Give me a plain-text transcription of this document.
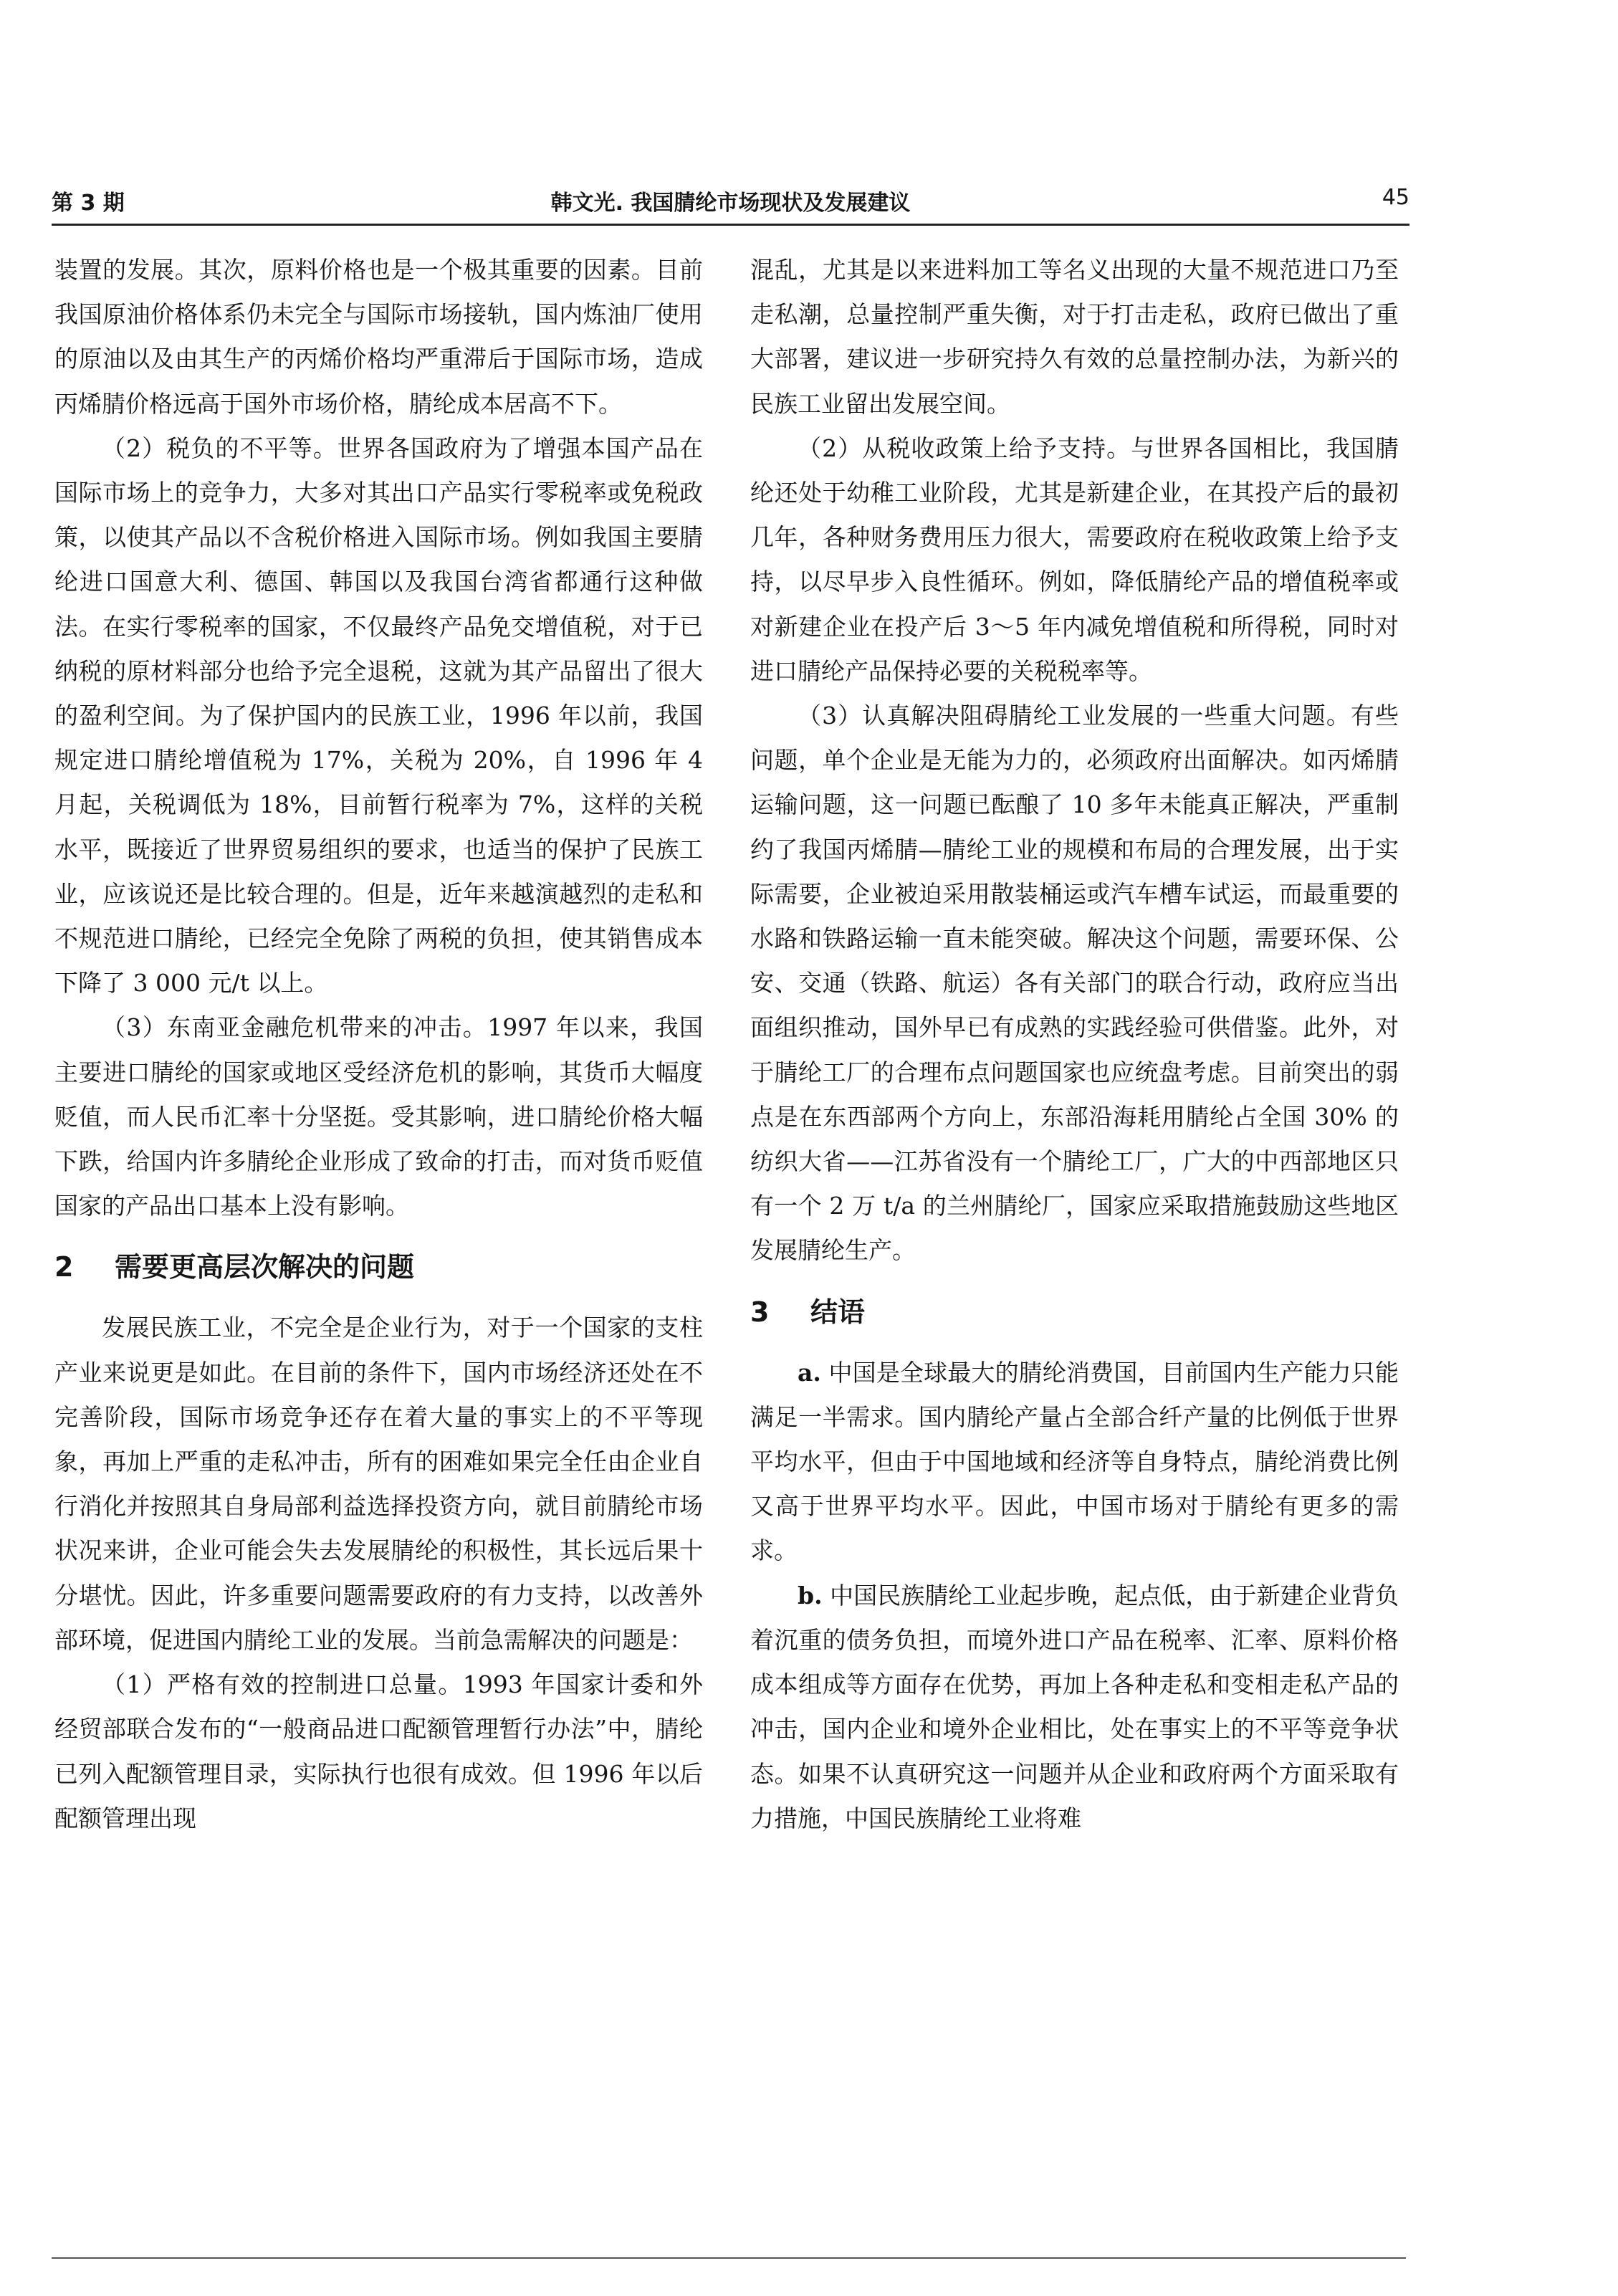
第 3 期	韩文光. 我国腈纶市场现状及发展建议	45

装置的发展。其次，原料价格也是一个极其重要的因素。目前我国原油价格体系仍未完全与国际市场接轨，国内炼油厂使用的原油以及由其生产的丙烯价格均严重滞后于国际市场，造成丙烯腈价格远高于国外市场价格，腈纶成本居高不下。

（2）税负的不平等。世界各国政府为了增强本国产品在国际市场上的竞争力，大多对其出口产品实行零税率或免税政策，以使其产品以不含税价格进入国际市场。例如我国主要腈纶进口国意大利、德国、韩国以及我国台湾省都通行这种做法。在实行零税率的国家，不仅最终产品免交增值税，对于已纳税的原材料部分也给予完全退税，这就为其产品留出了很大的盈利空间。为了保护国内的民族工业，1996 年以前，我国规定进口腈纶增值税为 17%，关税为 20%，自 1996 年 4 月起，关税调低为 18%，目前暂行税率为 7%，这样的关税水平，既接近了世界贸易组织的要求，也适当的保护了民族工业，应该说还是比较合理的。但是，近年来越演越烈的走私和不规范进口腈纶，已经完全免除了两税的负担，使其销售成本下降了 3 000 元/t 以上。

（3）东南亚金融危机带来的冲击。1997 年以来，我国主要进口腈纶的国家或地区受经济危机的影响，其货币大幅度贬值，而人民币汇率十分坚挺。受其影响，进口腈纶价格大幅下跌，给国内许多腈纶企业形成了致命的打击，而对货币贬值国家的产品出口基本上没有影响。

2 需要更高层次解决的问题

发展民族工业，不完全是企业行为，对于一个国家的支柱产业来说更是如此。在目前的条件下，国内市场经济还处在不完善阶段，国际市场竞争还存在着大量的事实上的不平等现象，再加上严重的走私冲击，所有的困难如果完全任由企业自行消化并按照其自身局部利益选择投资方向，就目前腈纶市场状况来讲，企业可能会失去发展腈纶的积极性，其长远后果十分堪忧。因此，许多重要问题需要政府的有力支持，以改善外部环境，促进国内腈纶工业的发展。当前急需解决的问题是：

（1）严格有效的控制进口总量。1993 年国家计委和外经贸部联合发布的“一般商品进口配额管理暂行办法”中，腈纶已列入配额管理目录，实际执行也很有成效。但 1996 年以后配额管理出现

混乱，尤其是以来进料加工等名义出现的大量不规范进口乃至走私潮，总量控制严重失衡，对于打击走私，政府已做出了重大部署，建议进一步研究持久有效的总量控制办法，为新兴的民族工业留出发展空间。

（2）从税收政策上给予支持。与世界各国相比，我国腈纶还处于幼稚工业阶段，尤其是新建企业，在其投产后的最初几年，各种财务费用压力很大，需要政府在税收政策上给予支持，以尽早步入良性循环。例如，降低腈纶产品的增值税率或对新建企业在投产后 3～5 年内减免增值税和所得税，同时对进口腈纶产品保持必要的关税税率等。

（3）认真解决阻碍腈纶工业发展的一些重大问题。有些问题，单个企业是无能为力的，必须政府出面解决。如丙烯腈运输问题，这一问题已酝酿了 10 多年未能真正解决，严重制约了我国丙烯腈—腈纶工业的规模和布局的合理发展，出于实际需要，企业被迫采用散装桶运或汽车槽车试运，而最重要的水路和铁路运输一直未能突破。解决这个问题，需要环保、公安、交通（铁路、航运）各有关部门的联合行动，政府应当出面组织推动，国外早已有成熟的实践经验可供借鉴。此外，对于腈纶工厂的合理布点问题国家也应统盘考虑。目前突出的弱点是在东西部两个方向上，东部沿海耗用腈纶占全国 30% 的纺织大省——江苏省没有一个腈纶工厂，广大的中西部地区只有一个 2 万 t/a 的兰州腈纶厂，国家应采取措施鼓励这些地区发展腈纶生产。

3 结语

a. 中国是全球最大的腈纶消费国，目前国内生产能力只能满足一半需求。国内腈纶产量占全部合纤产量的比例低于世界平均水平，但由于中国地域和经济等自身特点，腈纶消费比例又高于世界平均水平。因此，中国市场对于腈纶有更多的需求。

b. 中国民族腈纶工业起步晚，起点低，由于新建企业背负着沉重的债务负担，而境外进口产品在税率、汇率、原料价格成本组成等方面存在优势，再加上各种走私和变相走私产品的冲击，国内企业和境外企业相比，处在事实上的不平等竞争状态。如果不认真研究这一问题并从企业和政府两个方面采取有力措施，中国民族腈纶工业将难
